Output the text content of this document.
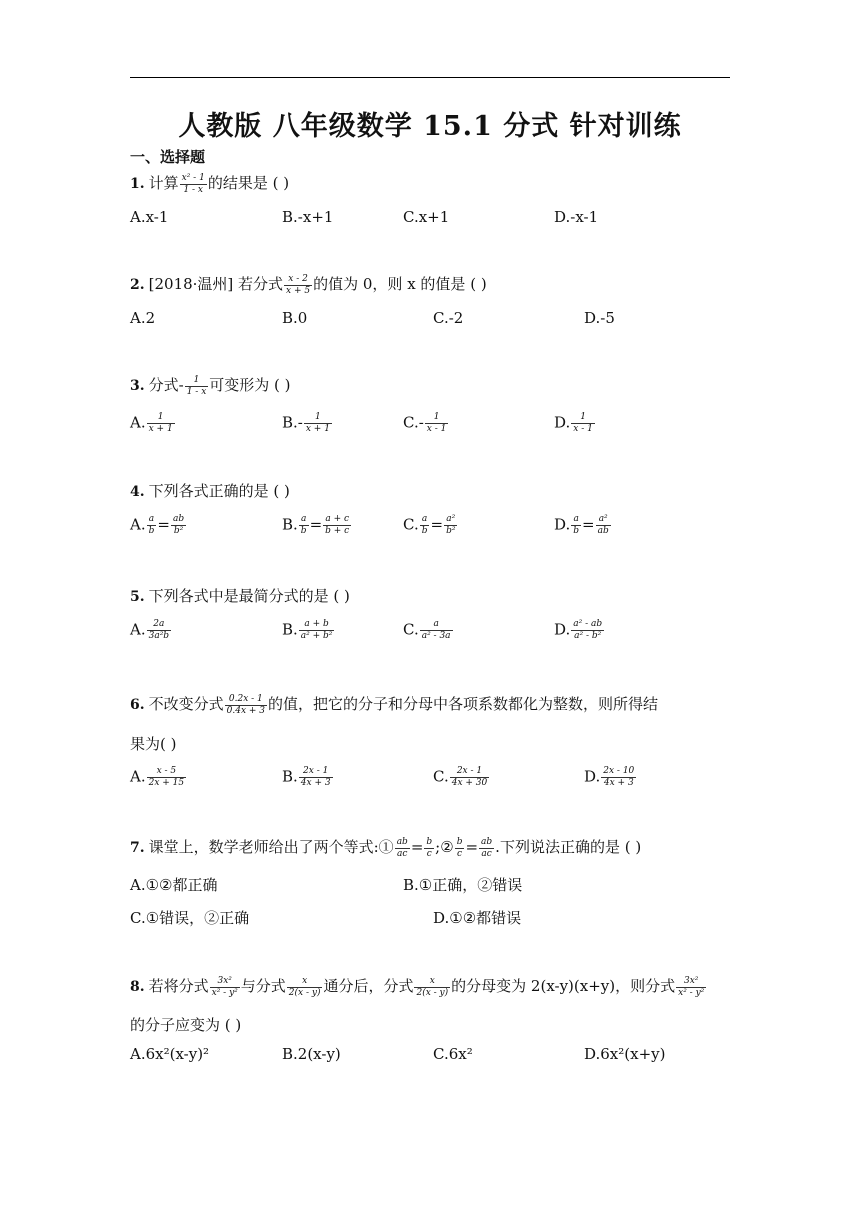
人教版 八年级数学 15.1 分式 针对训练
一、选择题
1. 计算 $\frac{\text{x² - 1}}{1 - x}$ 的结果是 ( )
A.x-1	B.-x+1	C.x+1	D.-x-1
2. [2018·温州] 若分式 $\frac{x - 2}{x + 5}$ 的值为 0，则 x 的值是 ( )
A.2	B.0	C.-2	D.-5
3. 分式- $\frac{1}{1 - x}$ 可变形为 ( )
A. $\frac{1}{x + 1}$	$B.- \frac{1}{x + 1}$	$C.- \frac{1}{x - 1}$	D. $\frac{1}{x - 1}$
4. 下列各式正确的是 ( )
A. $\frac{a}{b} = \frac{ab}{\text{b²}}$	B. $\frac{a}{b} = \frac{a + c}{b + c}$	C. $\frac{a}{b} = \frac{\text{a²}}{\text{b²}}$	D. $\frac{a}{b} = \frac{\text{a²}}{ab}$
5. 下列各式中是最简分式的是 ( )
A. $\frac{2a}{\text{3a²b}}$	B. $\frac{a + b}{\text{a² + b²}}$	C. $\frac{a}{\text{a² - 3a}}$	D. $\frac{\text{a² - ab}}{\text{a² - b²}}$
6. 不改变分式 $\frac{0.2x - 1}{0.4x + 3}$ 的值，把它的分子和分母中各项系数都化为整数，则所得结
果为( )
A. $\frac{x - 5}{2x + 15}$	B. $\frac{2x - 1}{4x + 3}$	C. $\frac{2x - 1}{4x + 30}$	D. $\frac{2x - 10}{4x + 3}$
7. 课堂上，数学老师给出了两个等式:① $\frac{ab}{ac} = \frac{b}{c}$ ;② $\frac{b}{c} = \frac{ab}{ac}$ .下列说法正确的是 ( )
A.①②都正确	B.①正确，②错误
C.①错误，②正确	D.①②都错误
8. 若将分式 $\frac{\text{3x²}}{\text{x² - y²}}$ 与分式 $\frac{x}{2(x - y)}$ 通分后，分式 $\frac{x}{2(x - y)}$ 的分母变为 2(x-y)(x+y)，则分式 $\frac{\text{3x²}}{\text{x² - y²}}$
的分子应变为 ( )
A.6x²(x-y)²	B.2(x-y)	C.6x²	D.6x²(x+y)
